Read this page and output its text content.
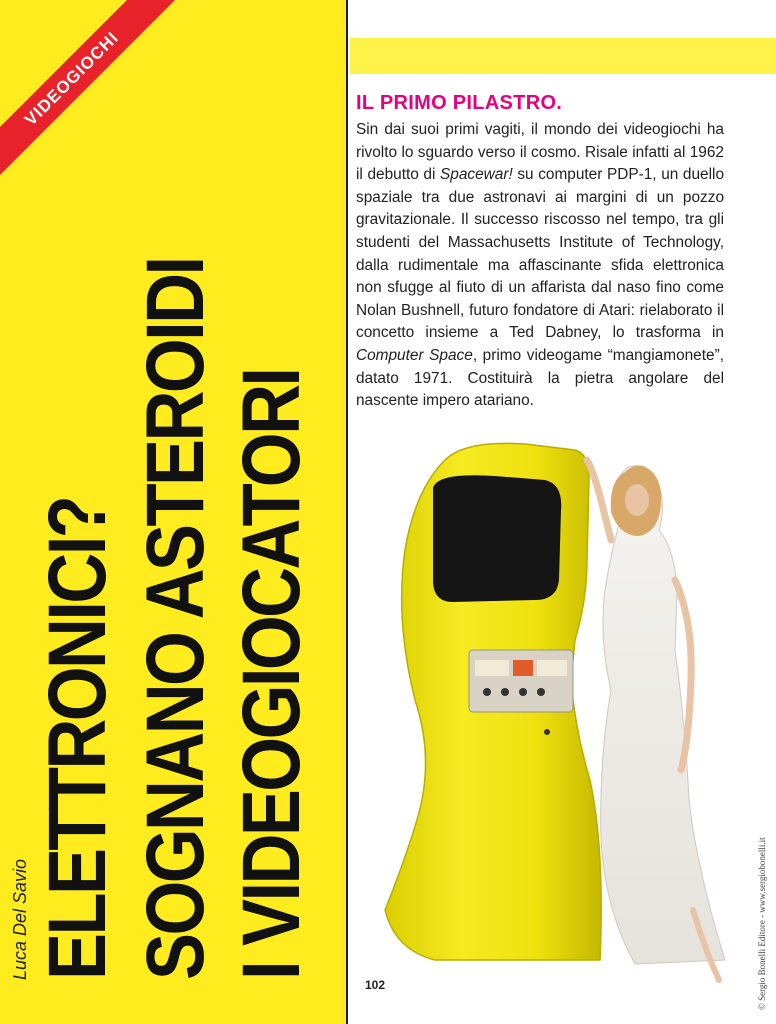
VIDEOGIOCHI
I VIDEOGIOCATORI
SOGNANO ASTEROIDI
ELETTRONICI?
Luca Del Savio
IL PRIMO PILASTRO.

Sin dai suoi primi vagiti, il mondo dei videogiochi ha rivolto lo sguardo verso il cosmo. Risale infatti al 1962 il debutto di Spacewar! su computer PDP-1, un duello spaziale tra due astronavi ai margini di un pozzo gravitazionale. Il successo riscosso nel tempo, tra gli studenti del Massachusetts Institute of Technology, dalla rudimentale ma affascinante sfida elettronica non sfugge al fiuto di un affarista dal naso fino come Nolan Bushnell, futuro fondatore di Atari: rielaborato il concetto insieme a Ted Dabney, lo trasforma in Computer Space, primo videogame “mangiamonete”, datato 1971. Costituirà la pietra angolare del nascente impero atariano.

102	© Sergio Bonelli Editore - www.sergiobonelli.it
